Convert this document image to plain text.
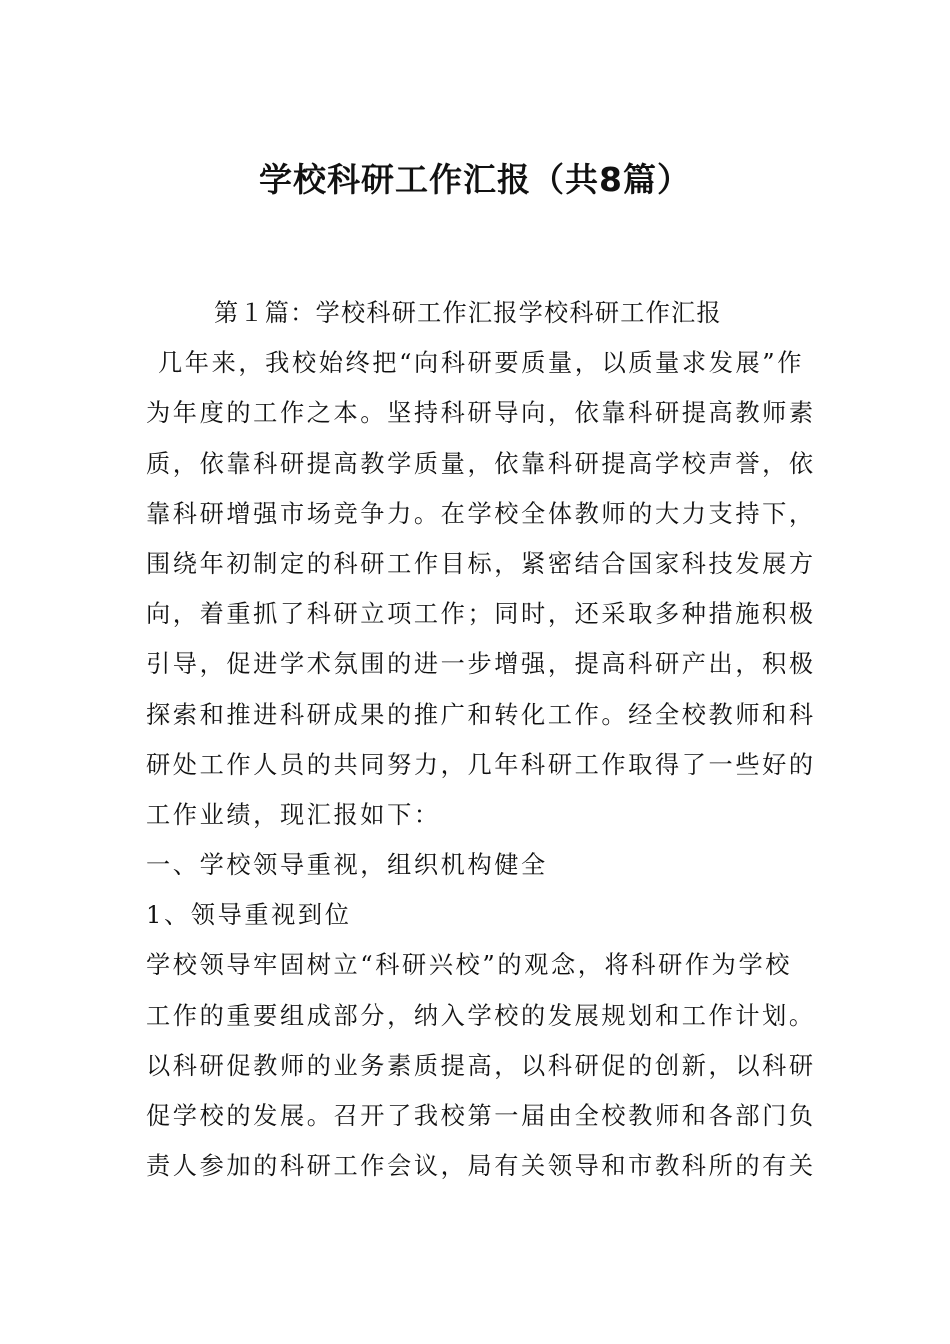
学校科研工作汇报（共8篇）
第１篇：学校科研工作汇报学校科研工作汇报
几年来，我校始终把“向科研要质量，以质量求发展”作
为年度的工作之本。坚持科研导向，依靠科研提高教师素
质，依靠科研提高教学质量，依靠科研提高学校声誉，依
靠科研增强市场竞争力。在学校全体教师的大力支持下，
围绕年初制定的科研工作目标，紧密结合国家科技发展方
向，着重抓了科研立项工作；同时，还采取多种措施积极
引导，促进学术氛围的进一步增强，提高科研产出，积极
探索和推进科研成果的推广和转化工作。经全校教师和科
研处工作人员的共同努力，几年科研工作取得了一些好的
工作业绩，现汇报如下：
一、学校领导重视，组织机构健全
1、领导重视到位
学校领导牢固树立“科研兴校”的观念，将科研作为学校
工作的重要组成部分，纳入学校的发展规划和工作计划。
以科研促教师的业务素质提高，以科研促的创新，以科研
促学校的发展。召开了我校第一届由全校教师和各部门负
责人参加的科研工作会议，局有关领导和市教科所的有关
